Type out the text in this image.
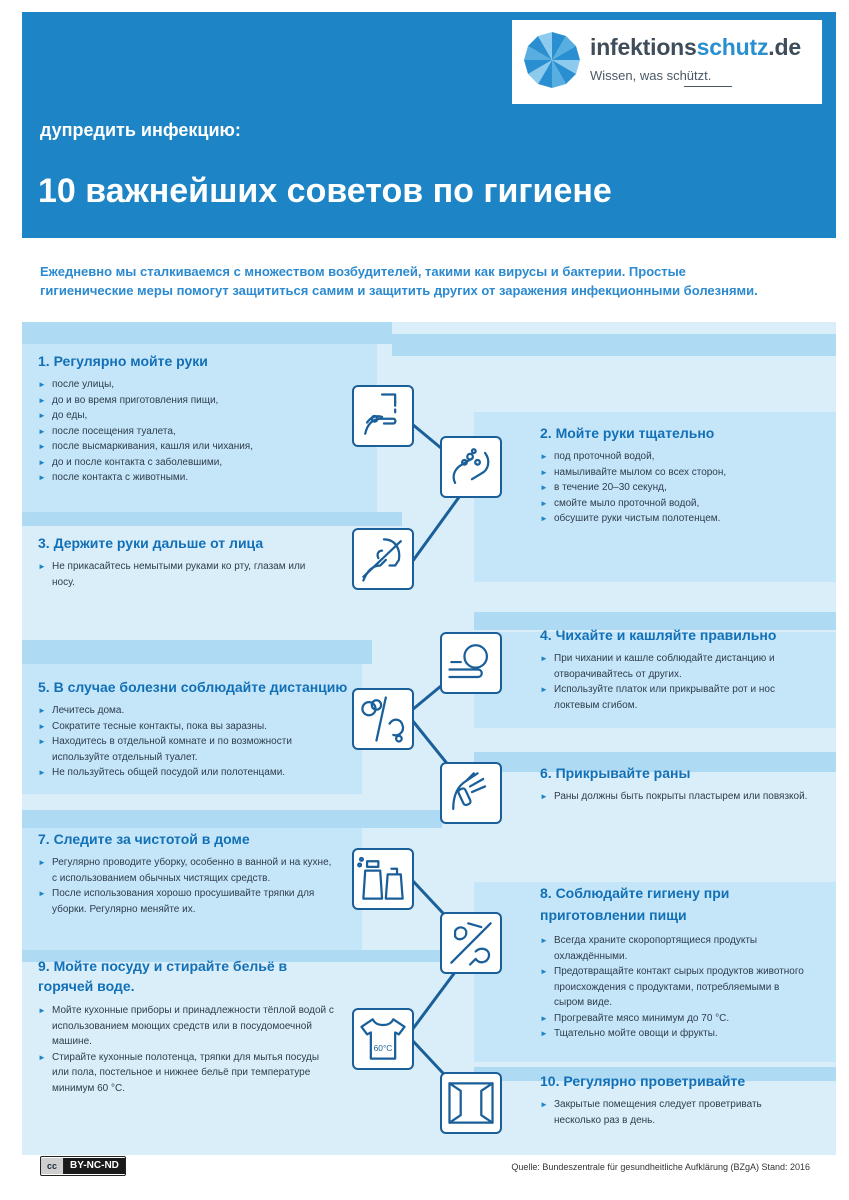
infektionsschutz.de
Wissen, was schützt.
дупредить инфекцию:
10 важнейших советов по гигиене
Ежедневно мы сталкиваемся с множеством возбудителей, такими как вирусы и бактерии. Простые
гигиенические меры помогут защититься самим и защитить других от заражения инфекционными болезнями.
60°C
1. Регулярно мойте руки
► после улицы,
► до и во время приготовления пищи,
► до еды,
► после посещения туалета,
► после высмаркивания, кашля или чихания,
► до и после контакта с заболевшими,
► после контакта с животными.
2. Мойте руки тщательно
► под проточной водой,
► намыливайте мылом со всех сторон,
► в течение 20–30 секунд,
► смойте мыло проточной водой,
► обсушите руки чистым полотенцем.
3. Держите руки дальше от лица
► Не прикасайтесь немытыми руками ко рту, глазам или носу.
4. Чихайте и кашляйте правильно
► При чихании и кашле соблюдайте дистанцию и отворачивайтесь от других.
► Используйте платок или прикрывайте рот и нос локтевым сгибом.
5. В случае болезни соблюдайте дистанцию
► Лечитесь дома.
► Сократите тесные контакты, пока вы заразны.
► Находитесь в отдельной комнате и по возможности используйте отдельный туалет.
► Не пользуйтесь общей посудой или полотенцами.	6. Прикрывайте раны
► Раны должны быть покрыты пластырем или повязкой.
7. Следите за чистотой в доме
► Регулярно проводите уборку, особенно в ванной и на кухне, с использованием обычных чистящих средств.
► После использования хорошо просушивайте тряпки для уборки. Регулярно меняйте их.
8. Соблюдайте гигиену при приготовлении пищи
► Всегда храните скоропортящиеся продукты охлаждёнными.
► Предотвращайте контакт сырых продуктов животного происхождения с продуктами, потребляемыми в сыром виде.
► Прогревайте мясо минимум до 70 °C.
► Тщательно мойте овощи и фрукты.
9. Мойте посуду и стирайте бельё в горячей воде.
► Мойте кухонные приборы и принадлежности тёплой водой с использованием моющих средств или в посудомоечной машине.
► Стирайте кухонные полотенца, тряпки для мытья посуды или пола, постельное и нижнее бельё при температуре минимум 60 °C.	10. Регулярно проветривайте
► Закрытые помещения следует проветривать несколько раз в день.
cc	BY-NC-ND	Quelle: Bundeszentrale für gesundheitliche Aufklärung (BZgA) Stand: 2016
